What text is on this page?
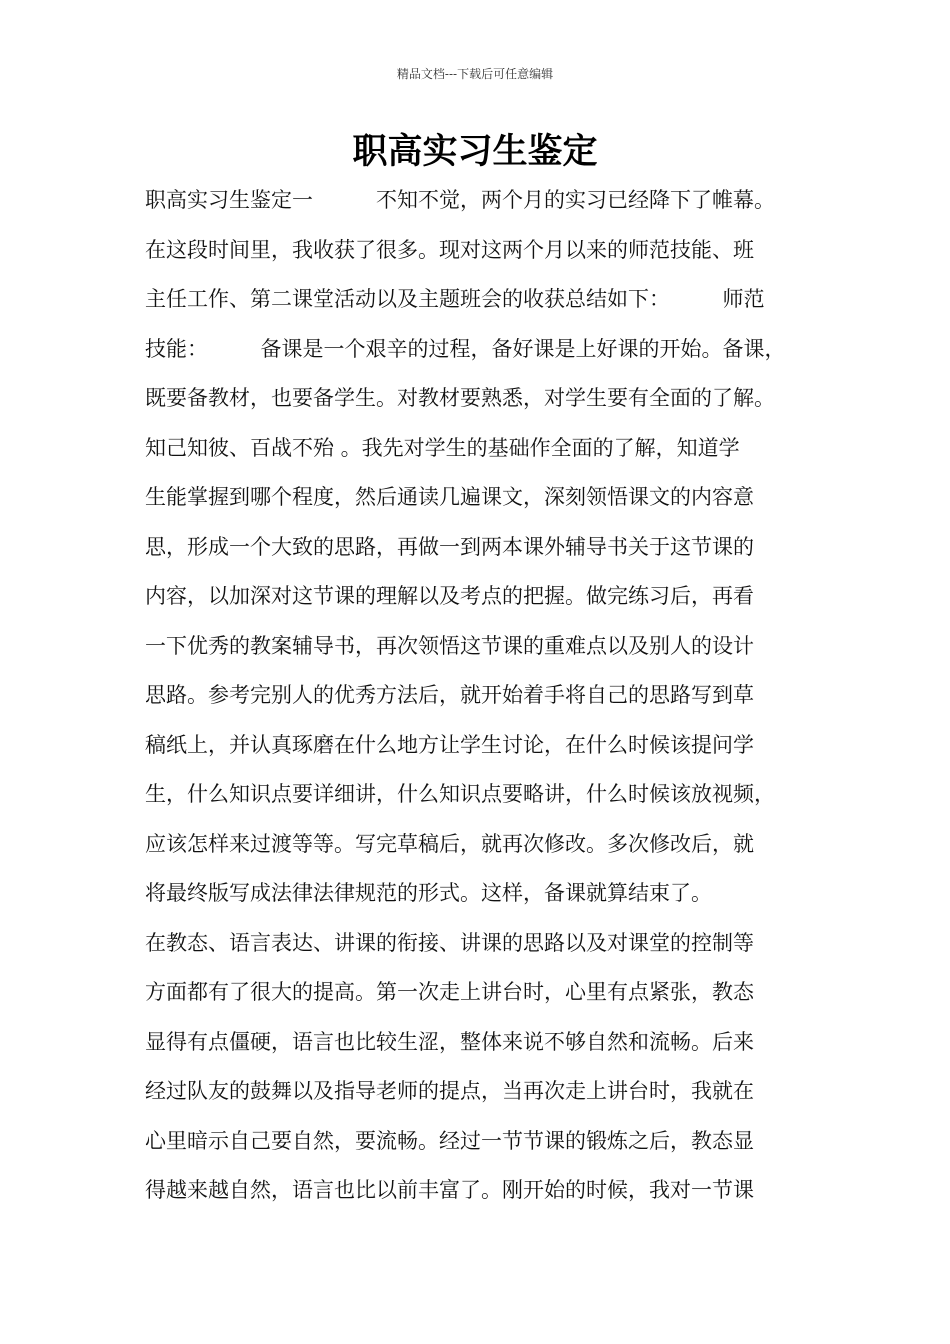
精品文档---下载后可任意编辑
职高实习生鉴定
职高实习生鉴定一　　　不知不觉，两个月的实习已经降下了帷幕。
在这段时间里，我收获了很多。现对这两个月以来的师范技能、班
主任工作、第二课堂活动以及主题班会的收获总结如下：　　　师范
技能：　　　备课是一个艰辛的过程，备好课是上好课的开始。备课，
既要备教材，也要备学生。对教材要熟悉，对学生要有全面的了解。
知己知彼、百战不殆 。我先对学生的基础作全面的了解，知道学
生能掌握到哪个程度，然后通读几遍课文，深刻领悟课文的内容意
思，形成一个大致的思路，再做一到两本课外辅导书关于这节课的
内容，以加深对这节课的理解以及考点的把握。做完练习后，再看
一下优秀的教案辅导书，再次领悟这节课的重难点以及别人的设计
思路。参考完别人的优秀方法后，就开始着手将自己的思路写到草
稿纸上，并认真琢磨在什么地方让学生讨论，在什么时候该提问学
生，什么知识点要详细讲，什么知识点要略讲，什么时候该放视频，
应该怎样来过渡等等。写完草稿后，就再次修改。多次修改后，就
将最终版写成法律法律规范的形式。这样，备课就算结束了。
在教态、语言表达、讲课的衔接、讲课的思路以及对课堂的控制等
方面都有了很大的提高。第一次走上讲台时，心里有点紧张，教态
显得有点僵硬，语言也比较生涩，整体来说不够自然和流畅。后来
经过队友的鼓舞以及指导老师的提点，当再次走上讲台时，我就在
心里暗示自己要自然，要流畅。经过一节节课的锻炼之后，教态显
得越来越自然，语言也比以前丰富了。刚开始的时候，我对一节课
